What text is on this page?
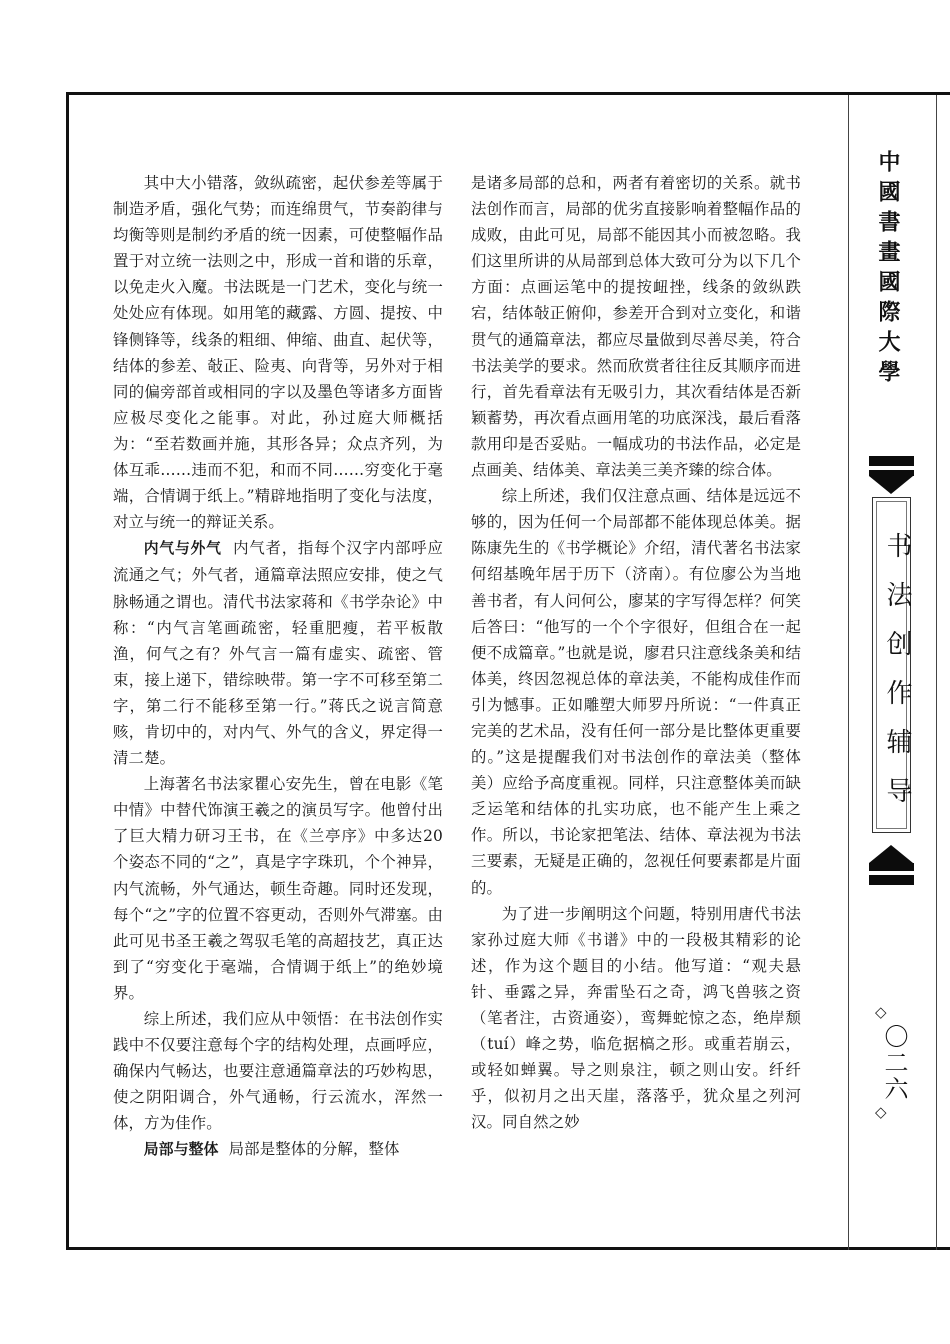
其中大小错落，敛纵疏密，起伏参差等属于制造矛盾，强化气势；而连绵贯气，节奏韵律与均衡等则是制约矛盾的统一因素，可使整幅作品置于对立统一法则之中，形成一首和谐的乐章，以免走火入魔。书法既是一门艺术，变化与统一处处应有体现。如用笔的藏露、方圆、提按、中锋侧锋等，线条的粗细、伸缩、曲直、起伏等，结体的参差、敧正、险夷、向背等，另外对于相同的偏旁部首或相同的字以及墨色等诸多方面皆应极尽变化之能事。对此，孙过庭大师概括为：“至若数画并施，其形各异；众点齐列，为体互乖……违而不犯，和而不同……穷变化于毫端，合情调于纸上。”精辟地指明了变化与法度，对立与统一的辩证关系。

内气与外气 内气者，指每个汉字内部呼应流通之气；外气者，通篇章法照应安排，使之气脉畅通之谓也。清代书法家蒋和《书学杂论》中称：“内气言笔画疏密，轻重肥瘦，若平板散渔，何气之有？外气言一篇有虚实、疏密、管束，接上递下，错综映带。第一字不可移至第二字，第二行不能移至第一行。”蒋氏之说言简意赅，肯切中的，对内气、外气的含义，界定得一清二楚。

上海著名书法家瞿心安先生，曾在电影《笔中情》中替代饰演王羲之的演员写字。他曾付出了巨大精力研习王书，在《兰亭序》中多达20个姿态不同的“之”，真是字字珠玑，个个神异，内气流畅，外气通达，顿生奇趣。同时还发现，每个“之”字的位置不容更动，否则外气滞塞。由此可见书圣王羲之驾驭毛笔的高超技艺，真正达到了“穷变化于毫端，合情调于纸上”的绝妙境界。

综上所述，我们应从中领悟：在书法创作实践中不仅要注意每个字的结构处理，点画呼应，确保内气畅达，也要注意通篇章法的巧妙构思，使之阴阳调合，外气通畅，行云流水，浑然一体，方为佳作。

局部与整体 局部是整体的分解，整体

是诸多局部的总和，两者有着密切的关系。就书法创作而言，局部的优劣直接影响着整幅作品的成败，由此可见，局部不能因其小而被忽略。我们这里所讲的从局部到总体大致可分为以下几个方面：点画运笔中的提按衄挫，线条的敛纵跌宕，结体敧正俯仰，参差开合到对立变化，和谐贯气的通篇章法，都应尽量做到尽善尽美，符合书法美学的要求。然而欣赏者往往反其顺序而进行，首先看章法有无吸引力，其次看结体是否新颖蓄势，再次看点画用笔的功底深浅，最后看落款用印是否妥贴。一幅成功的书法作品，必定是点画美、结体美、章法美三美齐臻的综合体。

综上所述，我们仅注意点画、结体是远远不够的，因为任何一个局部都不能体现总体美。据陈康先生的《书学概论》介绍，清代著名书法家何绍基晚年居于历下（济南）。有位廖公为当地善书者，有人问何公，廖某的字写得怎样？何笑后答曰：“他写的一个个字很好，但组合在一起便不成篇章。”也就是说，廖君只注意线条美和结体美，终因忽视总体的章法美，不能构成佳作而引为憾事。正如雕塑大师罗丹所说：“一件真正完美的艺术品，没有任何一部分是比整体更重要的。”这是提醒我们对书法创作的章法美（整体美）应给予高度重视。同样，只注意整体美而缺乏运笔和结体的扎实功底，也不能产生上乘之作。所以，书论家把笔法、结体、章法视为书法三要素，无疑是正确的，忽视任何要素都是片面的。

为了进一步阐明这个问题，特别用唐代书法家孙过庭大师《书谱》中的一段极其精彩的论述，作为这个题目的小结。他写道：“观夫悬针、垂露之异，奔雷坠石之奇，鸿飞兽骇之资（笔者注，古资通姿），鸾舞蛇惊之态，绝岸颓（tuí）峰之势，临危据槁之形。或重若崩云，或轻如蝉翼。导之则泉注，顿之则山安。纤纤乎，似初月之出天崖，落落乎，犹众星之列河汉。同自然之妙

中國書畫國際大學
书法创作辅导
◇
〇二六
◇
